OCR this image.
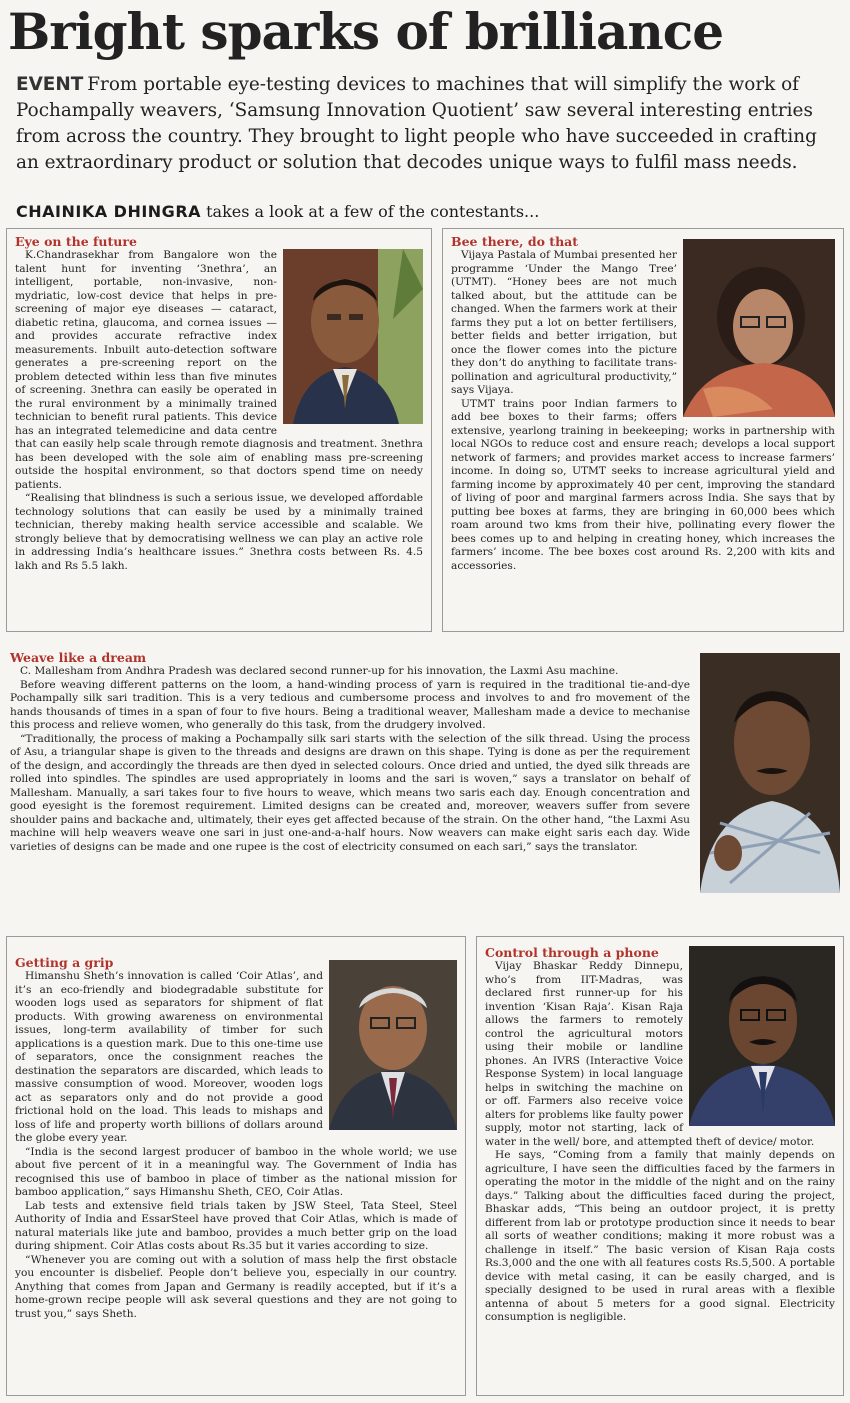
Bright sparks of brilliance
EVENT From portable eye-testing devices to machines that will simplify the work of Pochampally weavers, ‘Samsung Innovation Quotient’ saw several interesting entries from across the country. They brought to light people who have succeeded in crafting an extraordinary product or solution that decodes unique ways to fulfil mass needs.
CHAINIKA DHINGRA takes a look at a few of the contestants...
Eye on the future

K.Chandrasekhar from Bangalore won the talent hunt for inventing ‘3nethra’, an intelligent, portable, non-invasive, non-mydriatic, low-cost device that helps in pre-screening of major eye diseases — cataract, diabetic retina, glaucoma, and cornea issues — and provides accurate refractive index measurements. Inbuilt auto-detection software generates a pre-screening report on the problem detected within less than five minutes of screening. 3nethra can easily be operated in the rural environment by a minimally trained technician to benefit rural patients. This device has an integrated telemedicine and data centre that can easily help scale through remote diagnosis and treatment. 3nethra has been developed with the sole aim of enabling mass pre-screening outside the hospital environment, so that doctors spend time on needy patients.

“Realising that blindness is such a serious issue, we developed affordable technology solutions that can easily be used by a minimally trained technician, thereby making health service accessible and scalable. We strongly believe that by democratising wellness we can play an active role in addressing India’s healthcare issues.” 3nethra costs between Rs. 4.5 lakh and Rs 5.5 lakh.

Bee there, do that

Vijaya Pastala of Mumbai presented her programme ‘Under the Mango Tree’ (UTMT). “Honey bees are not much talked about, but the attitude can be changed. When the farmers work at their farms they put a lot on better fertilisers, better fields and better irrigation, but once the flower comes into the picture they don’t do anything to facilitate trans-pollination and agricultural productivity,” says Vijaya.

UTMT trains poor Indian farmers to add bee boxes to their farms; offers extensive, yearlong training in beekeeping; works in partnership with local NGOs to reduce cost and ensure reach; develops a local support network of farmers; and provides market access to increase farmers’ income. In doing so, UTMT seeks to increase agricultural yield and farming income by approximately 40 per cent, improving the standard of living of poor and marginal farmers across India. She says that by putting bee boxes at farms, they are bringing in 60,000 bees which roam around two kms from their hive, pollinating every flower the bees comes up to and helping in creating honey, which increases the farmers’ income. The bee boxes cost around Rs. 2,200 with kits and accessories.

Weave like a dream

C. Mallesham from Andhra Pradesh was declared second runner-up for his innovation, the Laxmi Asu machine.

Before weaving different patterns on the loom, a hand-winding process of yarn is required in the traditional tie-and-dye Pochampally silk sari tradition. This is a very tedious and cumbersome process and involves to and fro movement of the hands thousands of times in a span of four to five hours. Being a traditional weaver, Mallesham made a device to mechanise this process and relieve women, who generally do this task, from the drudgery involved.

“Traditionally, the process of making a Pochampally silk sari starts with the selection of the silk thread. Using the process of Asu, a triangular shape is given to the threads and designs are drawn on this shape. Tying is done as per the requirement of the design, and accordingly the threads are then dyed in selected colours. Once dried and untied, the dyed silk threads are rolled into spindles. The spindles are used appropriately in looms and the sari is woven,” says a translator on behalf of Mallesham. Manually, a sari takes four to five hours to weave, which means two saris each day. Enough concentration and good eyesight is the foremost requirement. Limited designs can be created and, moreover, weavers suffer from severe shoulder pains and backache and, ultimately, their eyes get affected because of the strain. On the other hand, “the Laxmi Asu machine will help weavers weave one sari in just one-and-a-half hours. Now weavers can make eight saris each day. Wide varieties of designs can be made and one rupee is the cost of electricity consumed on each sari,” says the translator.

Getting a grip

Himanshu Sheth’s innovation is called ‘Coir Atlas’, and it’s an eco-friendly and biodegradable substitute for wooden logs used as separators for shipment of flat products. With growing awareness on environmental issues, long-term availability of timber for such applications is a question mark. Due to this one-time use of separators, once the consignment reaches the destination the separators are discarded, which leads to massive consumption of wood. Moreover, wooden logs act as separators only and do not provide a good frictional hold on the load. This leads to mishaps and loss of life and property worth billions of dollars around the globe every year.

“India is the second largest producer of bamboo in the whole world; we use about five percent of it in a meaningful way. The Government of India has recognised this use of bamboo in place of timber as the national mission for bamboo application,” says Himanshu Sheth, CEO, Coir Atlas.

Lab tests and extensive field trials taken by JSW Steel, Tata Steel, Steel Authority of India and EssarSteel have proved that Coir Atlas, which is made of natural materials like jute and bamboo, provides a much better grip on the load during shipment. Coir Atlas costs about Rs.35 but it varies according to size.

“Whenever you are coming out with a solution of mass help the first obstacle you encounter is disbelief. People don’t believe you, especially in our country. Anything that comes from Japan and Germany is readily accepted, but if it’s a home-grown recipe people will ask several questions and they are not going to trust you,” says Sheth.

Control through a phone

Vijay Bhaskar Reddy Dinnepu, who’s from IIT-Madras, was declared first runner-up for his invention ‘Kisan Raja’. Kisan Raja allows the farmers to remotely control the agricultural motors using their mobile or landline phones. An IVRS (Interactive Voice Response System) in local language helps in switching the machine on or off. Farmers also receive voice alters for problems like faulty power supply, motor not starting, lack of water in the well/ bore, and attempted theft of device/ motor.

He says, “Coming from a family that mainly depends on agriculture, I have seen the difficulties faced by the farmers in operating the motor in the middle of the night and on the rainy days.” Talking about the difficulties faced during the project, Bhaskar adds, “This being an outdoor project, it is pretty different from lab or prototype production since it needs to bear all sorts of weather conditions; making it more robust was a challenge in itself.” The basic version of Kisan Raja costs Rs.3,000 and the one with all features costs Rs.5,500. A portable device with metal casing, it can be easily charged, and is specially designed to be used in rural areas with a flexible antenna of about 5 meters for a good signal. Electricity consumption is negligible.
